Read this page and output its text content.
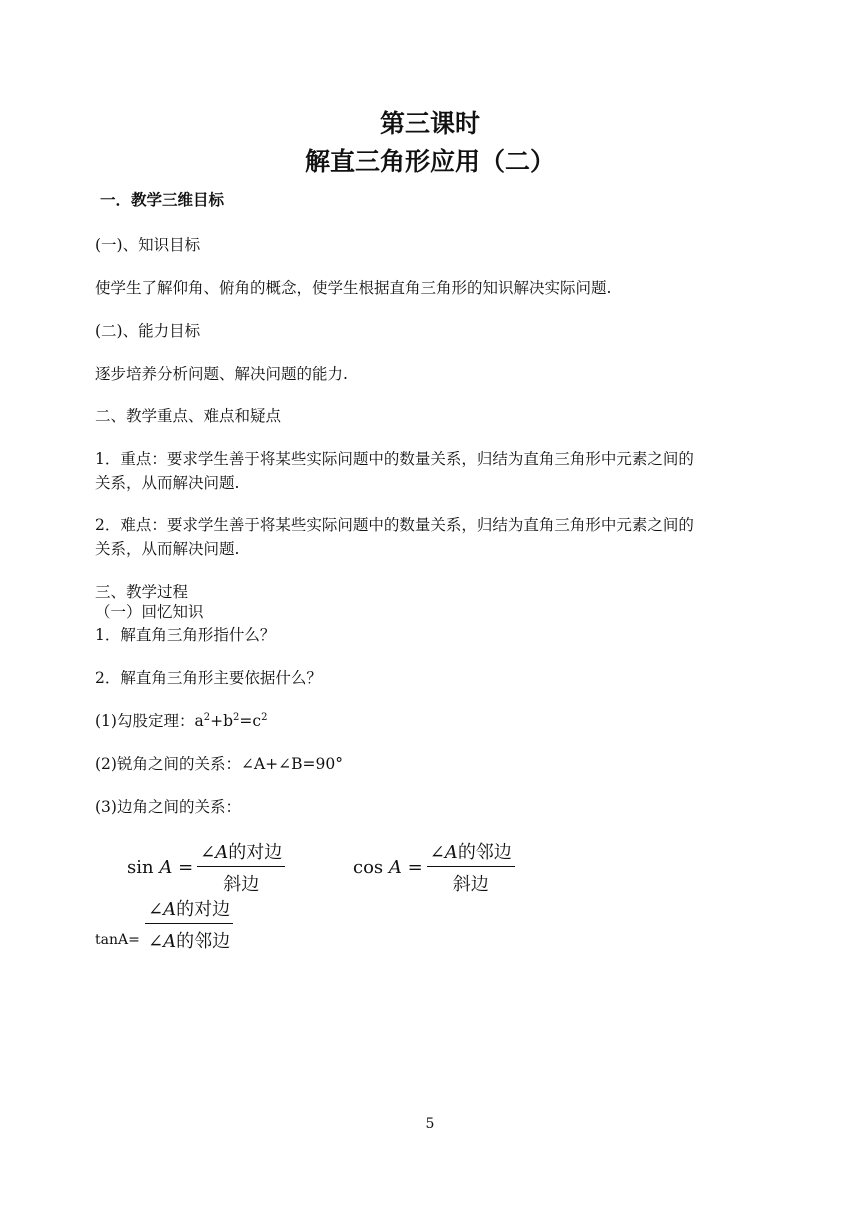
第三课时
解直三角形应用（二）
一．教学三维目标
(一)、知识目标
使学生了解仰角、俯角的概念，使学生根据直角三角形的知识解决实际问题.
(二)、能力目标
逐步培养分析问题、解决问题的能力.
二、教学重点、难点和疑点
1．重点：要求学生善于将某些实际问题中的数量关系，归结为直角三角形中元素之间的
关系，从而解决问题.
2．难点：要求学生善于将某些实际问题中的数量关系，归结为直角三角形中元素之间的
关系，从而解决问题.
三、教学过程
（一）回忆知识
1．解直角三角形指什么？
2．解直角三角形主要依据什么？
(1)勾股定理：$a^2+b^2=c^2$
(2)锐角之间的关系：∠A+∠B=90°
(3)边角之间的关系：
sin
A
= $\frac{\text{∠A的对边}}{\text{斜边}}$	cos
A
= $\frac{\text{∠A的邻边}}{\text{斜边}}$
$\tan A= \frac{\text{∠A的对边}}{\text{∠A的邻边}}$
5
